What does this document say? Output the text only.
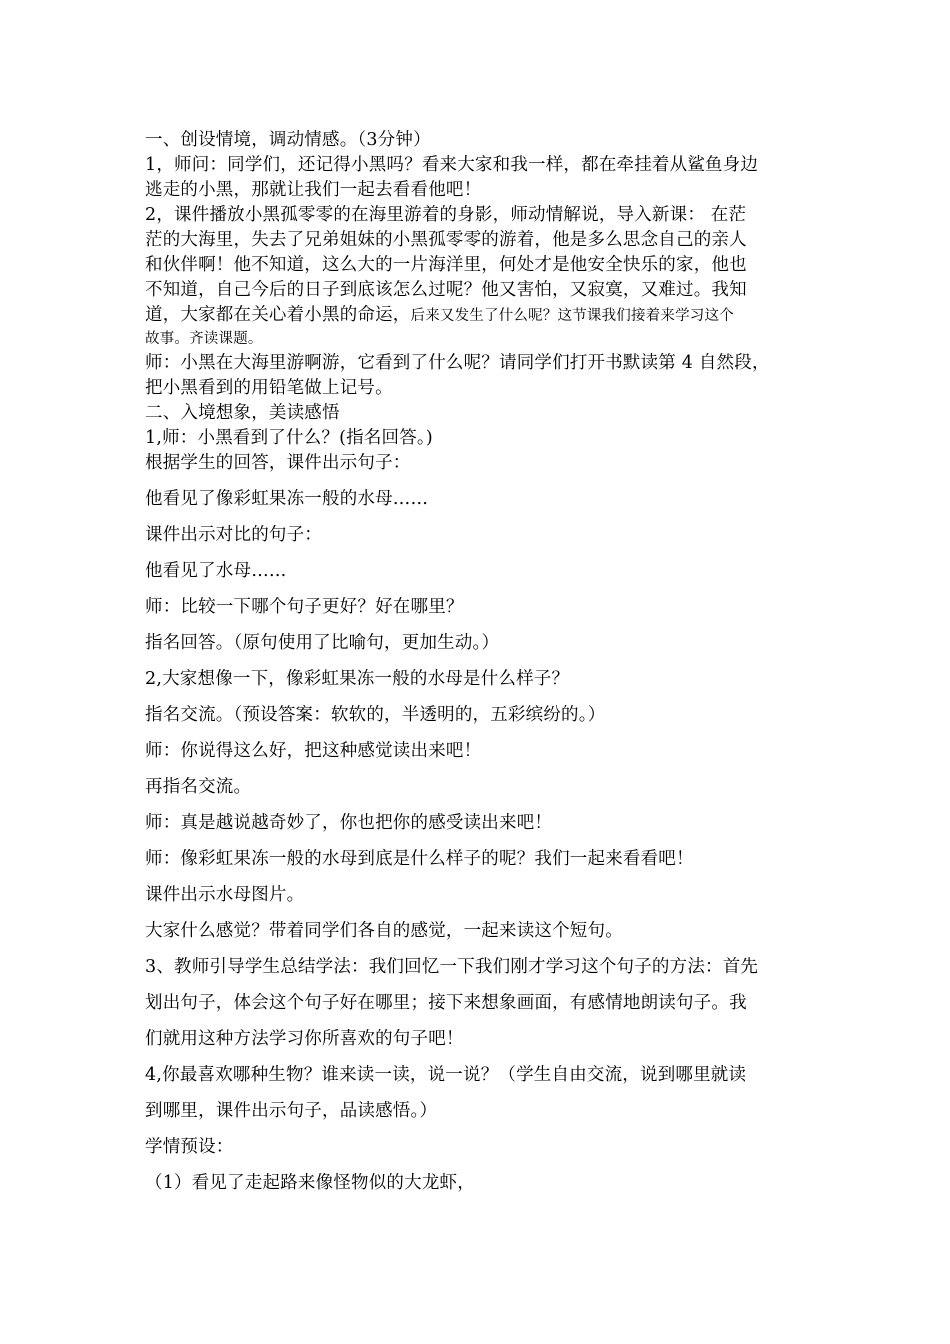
一、创设情境，调动情感。（3分钟）
1，师问：同学们，还记得小黑吗？看来大家和我一样，都在牵挂着从鲨鱼身边
逃走的小黑，那就让我们一起去看看他吧！
2，课件播放小黑孤零零的在海里游着的身影，师动情解说，导入新课： 在茫
茫的大海里，失去了兄弟姐妹的小黑孤零零的游着，他是多么思念自己的亲人
和伙伴啊！他不知道，这么大的一片海洋里，何处才是他安全快乐的家，他也
不知道，自己今后的日子到底该怎么过呢？他又害怕，又寂寞，又难过。我知
道，大家都在关心着小黑的命运，后来又发生了什么呢？这节课我们接着来学习这个
故事。齐读课题。
师：小黑在大海里游啊游，它看到了什么呢？请同学们打开书默读第 4 自然段，
把小黑看到的用铅笔做上记号。
二、入境想象，美读感悟
1,师：小黑看到了什么？(指名回答。)
根据学生的回答，课件出示句子：
他看见了像彩虹果冻一般的水母……
课件出示对比的句子：
他看见了水母……
师：比较一下哪个句子更好？好在哪里？
指名回答。（原句使用了比喻句，更加生动。）
2,大家想像一下，像彩虹果冻一般的水母是什么样子？
指名交流。（预设答案：软软的，半透明的，五彩缤纷的。）
师：你说得这么好，把这种感觉读出来吧！
再指名交流。
师：真是越说越奇妙了，你也把你的感受读出来吧！
师：像彩虹果冻一般的水母到底是什么样子的呢？我们一起来看看吧！
课件出示水母图片。
大家什么感觉？带着同学们各自的感觉，一起来读这个短句。
3、教师引导学生总结学法：我们回忆一下我们刚才学习这个句子的方法：首先
划出句子，体会这个句子好在哪里；接下来想象画面，有感情地朗读句子。我
们就用这种方法学习你所喜欢的句子吧！
4,你最喜欢哪种生物？谁来读一读，说一说？（学生自由交流，说到哪里就读
到哪里，课件出示句子，品读感悟。）
学情预设：
（1）看见了走起路来像怪物似的大龙虾，
